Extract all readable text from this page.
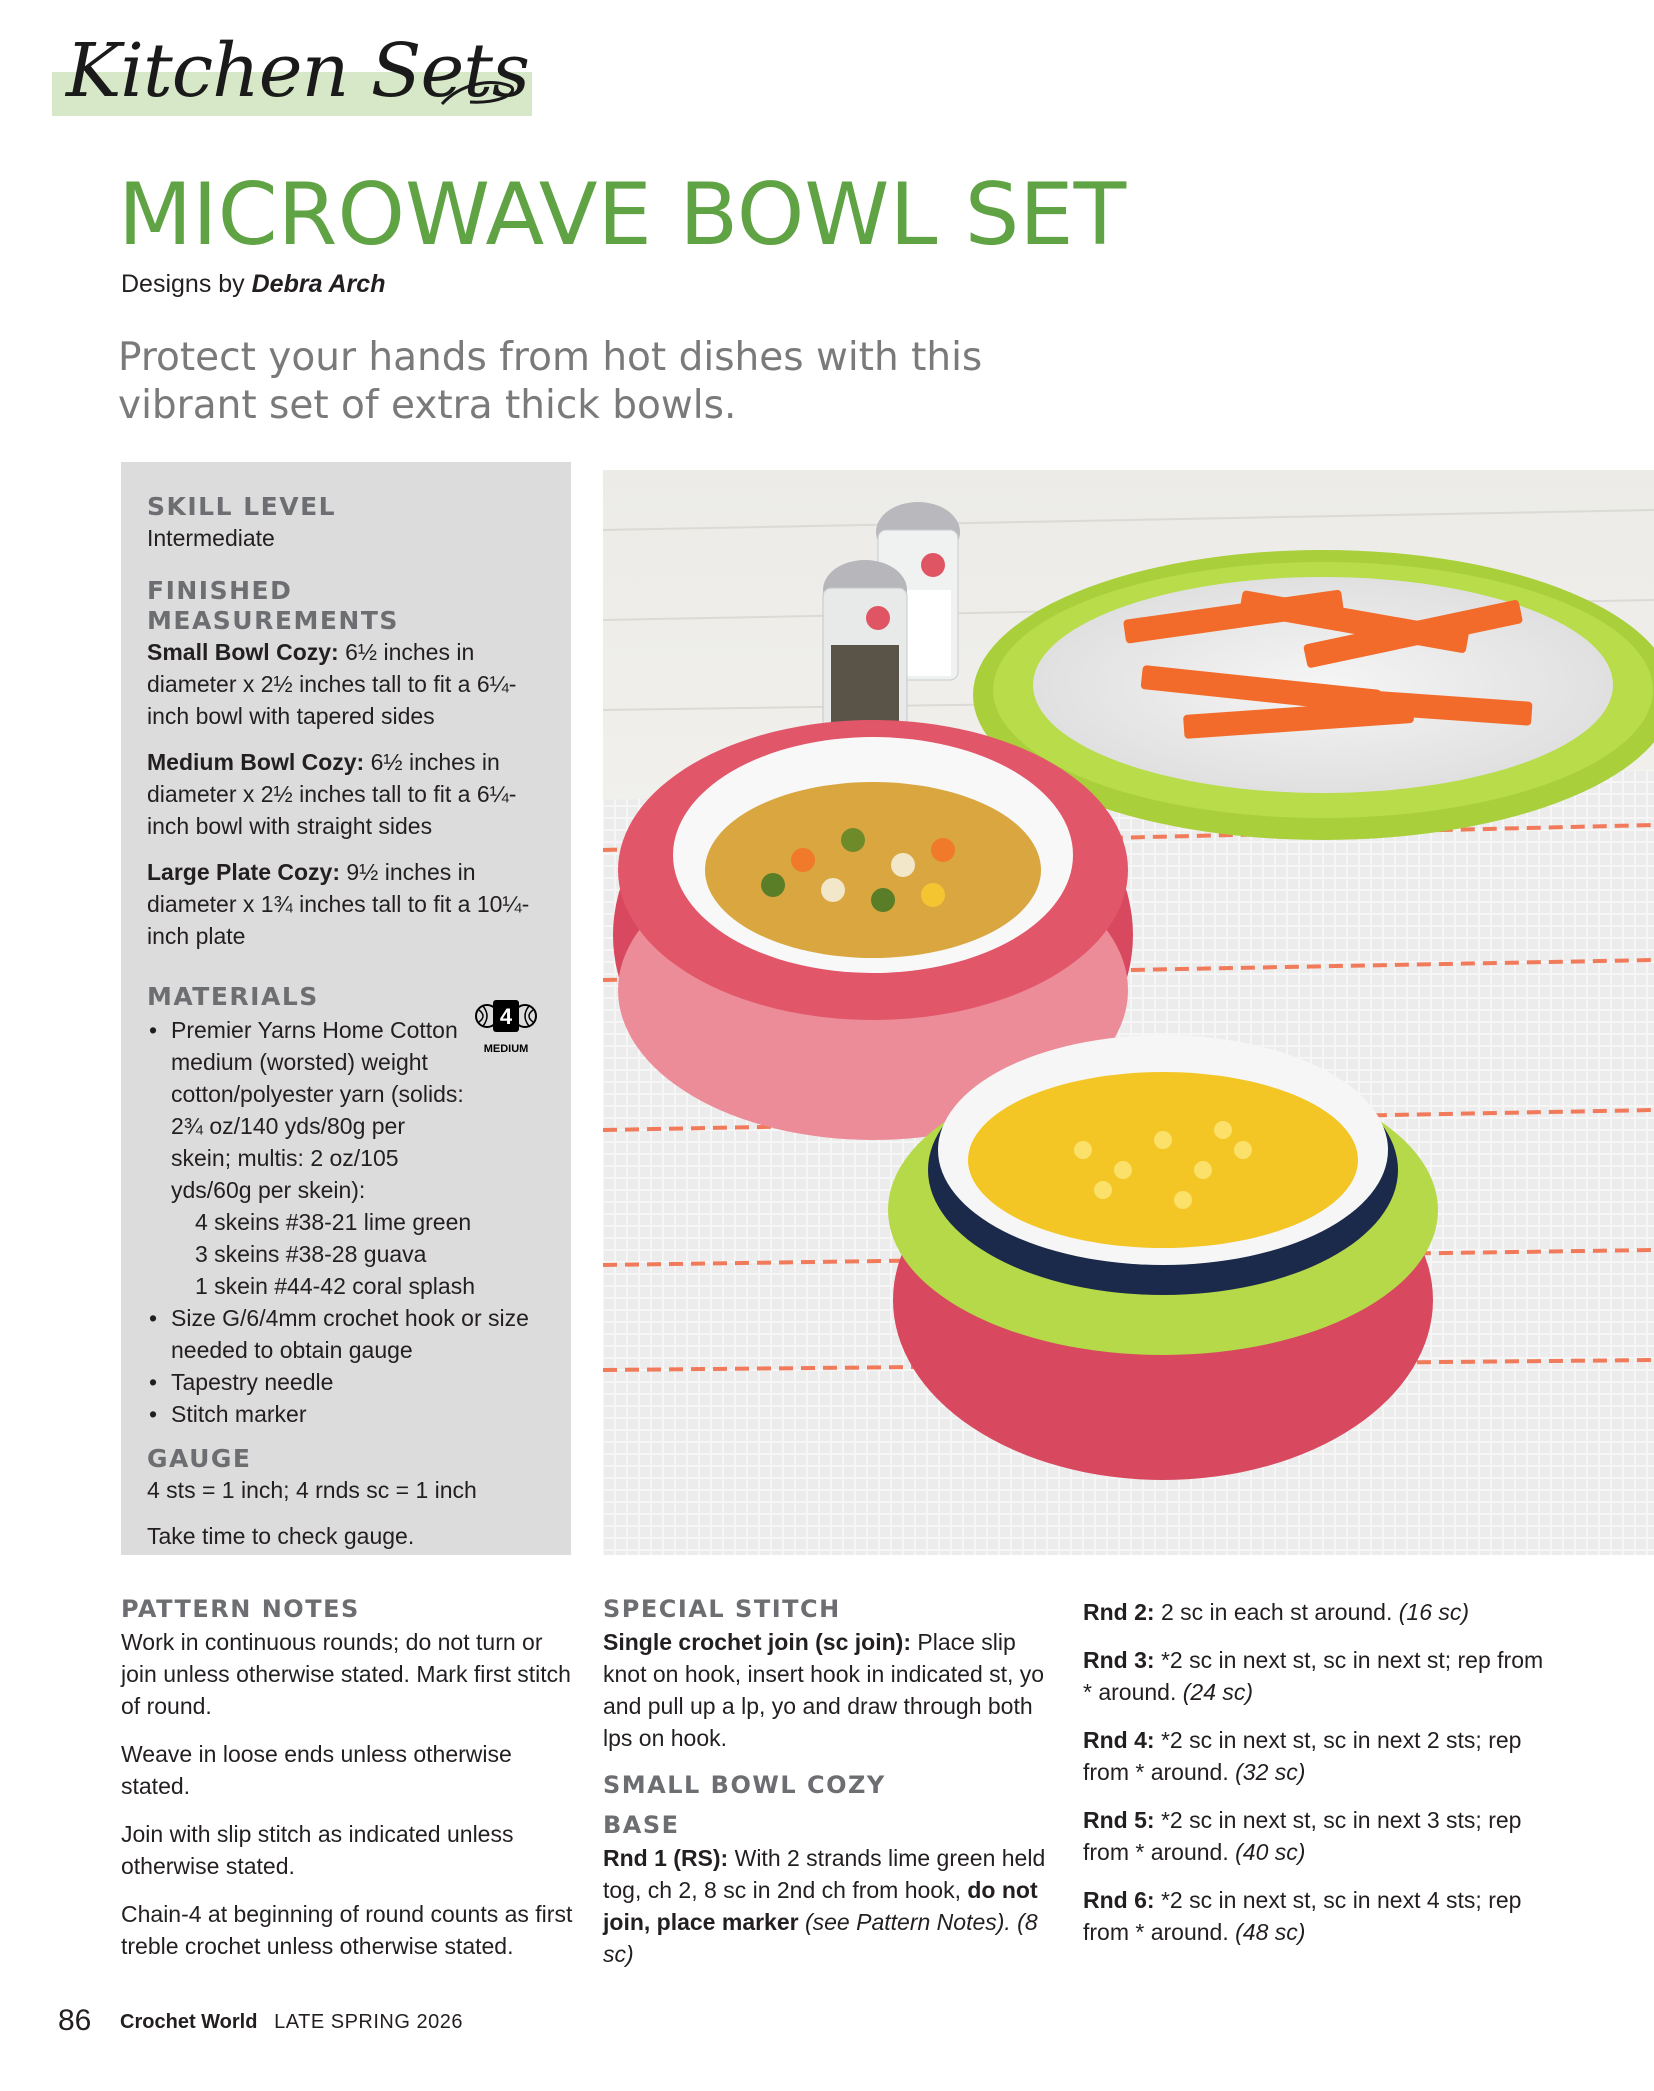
Kitchen Sets
MICROWAVE BOWL SET
Designs by Debra Arch
Protect your hands from hot dishes with this
vibrant set of extra thick bowls.
SKILL LEVEL
Intermediate
FINISHED MEASUREMENTS
Small Bowl Cozy: 6½ inches in diameter x 2½ inches tall to fit a 6¼-inch bowl with tapered sides
Medium Bowl Cozy: 6½ inches in diameter x 2½ inches tall to fit a 6¼-inch bowl with straight sides
Large Plate Cozy: 9½ inches in diameter x 1¾ inches tall to fit a 10¼-inch plate
MATERIALS
• Premier Yarns Home Cotton medium (worsted) weight cotton/polyester yarn (solids: 2¾ oz/140 yds/80g per skein; multis: 2 oz/105 yds/60g per skein):
4 skeins #38-21 lime green
3 skeins #38-28 guava
1 skein #44-42 coral splash
• Size G/6/4mm crochet hook or size needed to obtain gauge
• Tapestry needle
• Stitch marker
GAUGE
4 sts = 1 inch; 4 rnds sc = 1 inch
Take time to check gauge.
4
MEDIUM
PATTERN NOTES
Work in continuous rounds; do not turn or join unless otherwise stated. Mark first stitch of round.
Weave in loose ends unless otherwise stated.
Join with slip stitch as indicated unless otherwise stated.
Chain-4 at beginning of round counts as first treble crochet unless otherwise stated.
SPECIAL STITCH
Single crochet join (sc join): Place slip knot on hook, insert hook in indicated st, yo and pull up a lp, yo and draw through both lps on hook.
SMALL BOWL COZY
BASE
Rnd 1 (RS): With 2 strands lime green held tog, ch 2, 8 sc in 2nd ch from hook, do not join, place marker (see Pattern Notes). (8 sc)
Rnd 2: 2 sc in each st around. (16 sc)
Rnd 3: *2 sc in next st, sc in next st; rep from * around. (24 sc)
Rnd 4: *2 sc in next st, sc in next 2 sts; rep from * around. (32 sc)
Rnd 5: *2 sc in next st, sc in next 3 sts; rep from * around. (40 sc)
Rnd 6: *2 sc in next st, sc in next 4 sts; rep from * around. (48 sc)
86 Crochet World LATE SPRING 2026
